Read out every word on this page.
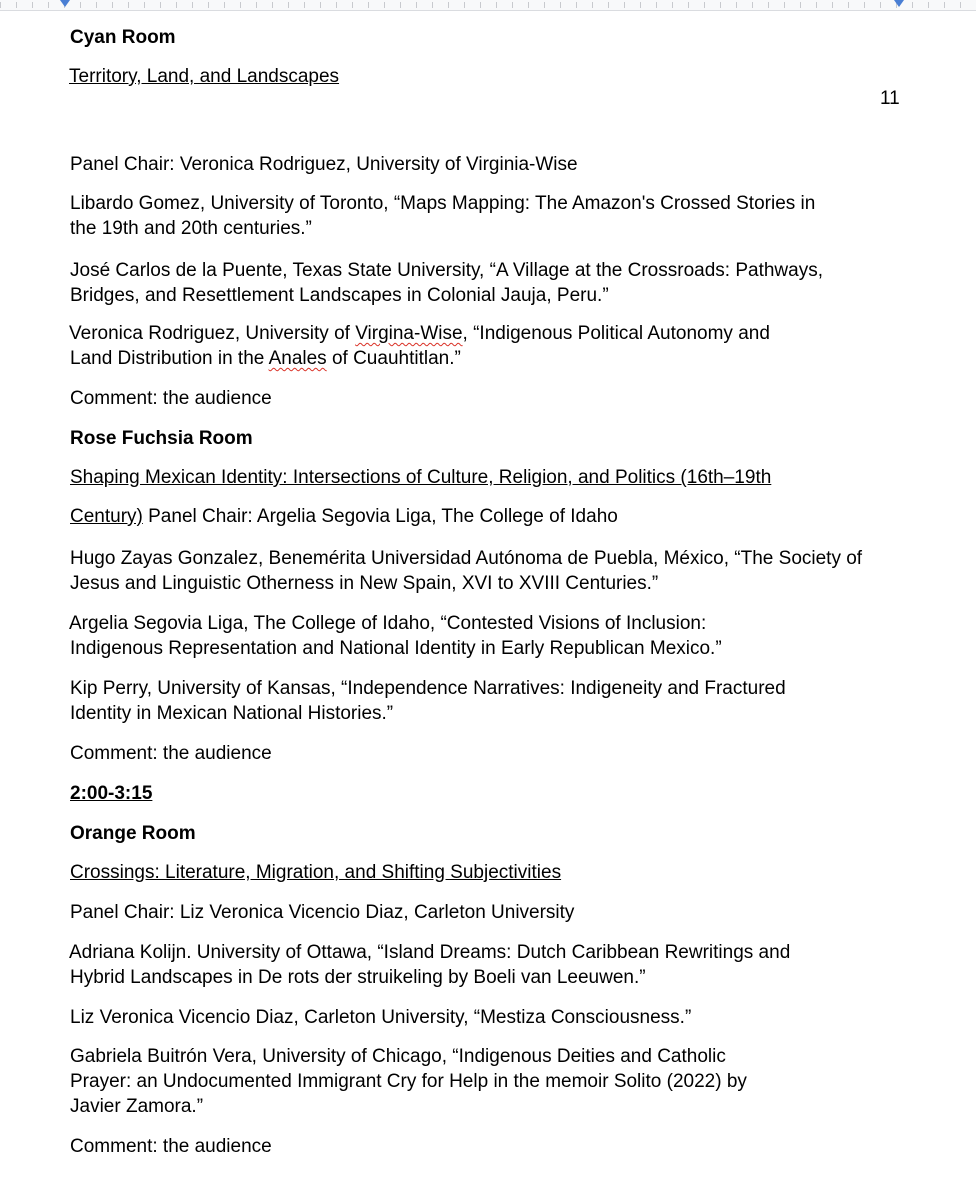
11
Cyan Room
Territory, Land, and Landscapes
Panel Chair: Veronica Rodriguez, University of Virginia-Wise
Libardo Gomez, University of Toronto, “Maps Mapping: The Amazon's Crossed Stories in
the 19th and 20th centuries.”
José Carlos de la Puente, Texas State University, “A Village at the Crossroads: Pathways,
Bridges, and Resettlement Landscapes in Colonial Jauja, Peru.”
Veronica Rodriguez, University of Virgina-Wise, “Indigenous Political Autonomy and
Land Distribution in the Anales of Cuauhtitlan.”
Comment: the audience
Rose Fuchsia Room
Shaping Mexican Identity: Intersections of Culture, Religion, and Politics (16th–19th
Century) Panel Chair: Argelia Segovia Liga, The College of Idaho
Hugo Zayas Gonzalez, Benemérita Universidad Autónoma de Puebla, México, “The Society of
Jesus and Linguistic Otherness in New Spain, XVI to XVIII Centuries.”
Argelia Segovia Liga, The College of Idaho, “Contested Visions of Inclusion:
Indigenous Representation and National Identity in Early Republican Mexico.”
Kip Perry, University of Kansas, “Independence Narratives: Indigeneity and Fractured
Identity in Mexican National Histories.”
Comment: the audience
2:00-3:15
Orange Room
Crossings: Literature, Migration, and Shifting Subjectivities
Panel Chair: Liz Veronica Vicencio Diaz, Carleton University
Adriana Kolijn. University of Ottawa, “Island Dreams: Dutch Caribbean Rewritings and
Hybrid Landscapes in De rots der struikeling by Boeli van Leeuwen.”
Liz Veronica Vicencio Diaz, Carleton University, “Mestiza Consciousness.”
Gabriela Buitrón Vera, University of Chicago, “Indigenous Deities and Catholic
Prayer: an Undocumented Immigrant Cry for Help in the memoir Solito (2022) by
Javier Zamora.”
Comment: the audience
